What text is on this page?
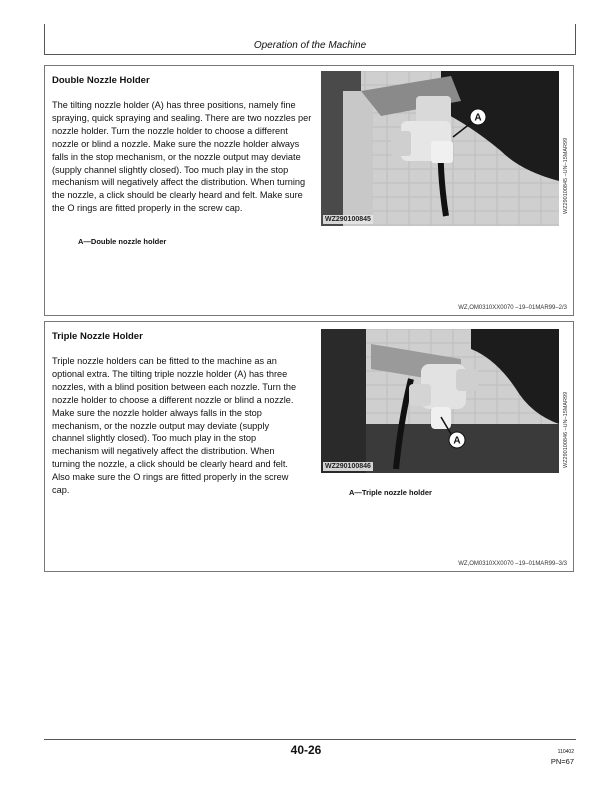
Operation of the Machine
Double Nozzle Holder

The tilting nozzle holder (A) has three positions, namely fine spraying, quick spraying and sealing. There are two nozzles per nozzle holder. Turn the nozzle holder to choose a different nozzle or blind a nozzle. Make sure the nozzle holder always falls in the stop mechanism, or the nozzle output may deviate (supply channel slightly closed). Too much play in the stop mechanism will negatively affect the distribution. When turning the nozzle, a click should be clearly heard and felt. Make sure the O rings are fitted properly in the screw cap.

A
WZ290100845
WZ290100845 –UN–15MAR99
A—Double nozzle holder
WZ,OM0310XX0070 –19–01MAR99–2/3
Triple Nozzle Holder

Triple nozzle holders can be fitted to the machine as an optional extra. The tilting triple nozzle holder (A) has three nozzles, with a blind position between each nozzle. Turn the nozzle holder to choose a different nozzle or blind a nozzle. Make sure the nozzle holder always falls in the stop mechanism, or the nozzle output may deviate (supply channel slightly closed). Too much play in the stop mechanism will negatively affect the distribution. When turning the nozzle, a click should be clearly heard and felt. Also make sure the O rings are fitted properly in the screw cap.

A
WZ290100846	WZ290100846 –UN–15MAR99
A—Triple nozzle holder
WZ,OM0310XX0070 –19–01MAR99–3/3
40-26	110402
PN=67
